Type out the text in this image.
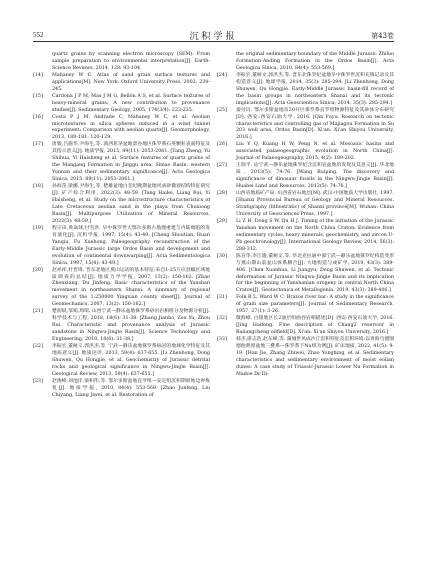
552	沉积学报	第43卷

quartz grains by scanning electron microscopy (SEM): From sample preparation to environmental interpretation[J]. Earth-Science Reviews, 2014, 128: 93-104.

[14] Mahaney W C. Atlas of sand grain surface textures and applications[M]. New York: Oxford University Press, 2002: 230-245.

[15] Cardona J P M, Mas J M G, Bellón A S, et al. Surface textures of heavy-mineral grains: A new contribution to provenance studies[J]. Sedimentary Geology, 2005, 174(3/4): 223-235.

[16] Costa P J M, Andrade C, Mahaney W C, et al. Aeolian microtextures in silica spheres induced in a wind tunnel experiment: Comparison with aeolian quartz[J]. Geomorphology, 2013, 180-181: 120-129.

[17] 唐毅,吕施华,尹海生,等. 滇西思茅盆地景谷地区侏罗系石英颗粒表面特征及其指示意义[J]. 地质学报, 2015, 89(11): 2053-2061. [Tang Zheng, Yu Shihua, Yi Haisheng et al. Surface features of quartz grains of the Mangang Formation in Jinggu area, Simao Basin, western Yunnan and their sedimentary significance[J]. Acta Geologica Sinica, 2015, 89(11): 2053-2061.]

[18] 孙海苗,梁娜,尹海生,等. 楚雄盆地白垩纪晚期盆地风成砂微观结构特征研究[J]. 矿产综合利用, 2022(3): 48-59. [Tang Hailei, Liang Rui, Yi Haisheng, et al. Study on the microstructure characteristics of Late Cretaceous aeolian sand in the playa from Chuxiong Basin[J]. Multipurpose Utilization of Mineral Resources, 2022(3): 48-59.]

[19] 程守田,黄焱球,付雪洪. 早中侏罗世大鄂尔多斯古地理重建与内陆坳陷的发育演化[J]. 沉积学报, 1997, 15(4): 43-49. [Cheng Shoutian, Huan Yanqiu, Fu Xuehong. Paleogeography reconstruction of the Early-Middle Jurassic large Ordos Basin and development and evolution of continental downwarping[J]. Acta Sedimentologica Sinica, 1997, 15(4): 43-49.]

[20] 赵祥祥,杜晋锋. 晋东北地区燕山运动的基本特征:来自1:25万应县幅区域地质调查的总结[J]. 地质力学学报, 2007, 13(2): 150-162. [Zhao Zhenxiang, Du Jinfeng. Basic characteristics of the Yanshan movement in northeastern Shanxi: A summary of regional survey of the 1:250000 Yingxian county sheet[J]. Journal of Geomechanics, 2007, 13(2): 150-162.]

[21] 楚润斌,邹娟,周瑞. 山西宁武—静乐盆地侏罗系砂岩岩相组分及物源分析[J]. 科学技术与工程, 2018, 18(6): 31-38. [Zhang Jianbo, Zou Yu, Zhou Rui. Characteristic and provenance analysis of Jurassic sandstone in Ningwu-Jingle Basin[J]. Science Technology and Engineering, 2018, 18(6): 31-38.]

[22] 李振宏,董树义,郭洪杰,等. 宁武—静乐盆地侏罗系砾岩的地球化学特征及其地质意义[J]. 地质论评, 2013, 59(4): 637-655. [Li Zhenhong, Dong Shuwen, Qu Hongjie, et al. Geochemistry of Jurassic detrital rocks and geological significance in Ningwu-Jingle Basin[J]. Geological Review, 2013, 59(4): 637-655.]

[23] 赵俊峰,刘池洋,梁积伟,等. 鄂尔多斯盆地直罗组—安定组沉积期原始边界恢复[J]. 地质学报, 2010, 84(4): 553-569. [Zhao Junfeng, Liu Chiyang, Liang Jiwei, et al. Restoration of

the original sedimentary boundary of the Middle Jurassic Zhiluo Formation-Anding Formation in the Ordos Basin[J]. Acta Geologica Sinica, 2010, 84(4): 553-569.]

[24] 李振宏,董树文,郭洪杰,等. 晋东北侏罗纪盆地早中侏罗世沉积充填记录及其构造意义[J]. 地球学报, 2014, 35(3): 285-294. [Li Zhenhong, Dong Shuwen, Qu Hongjie. Early-Middle Jurassic basin-fill record of the basin groups in northeastern Shanxi and its tectonic implications[J]. Acta Geoscientica Sinica, 2014, 35(3): 285-294.]

[25] 秦付玲. 鄂尔多斯盆地奈20井区侏罗系直罗组物源特征及其砂体分布研究[D]. 西安:西安石油大学, 2016. [Qin Fuyu. Research on tectonic characteristics and controlling gas of Majiagou Formation in Su 203 well area, Ordos Basin[D]. Xi'an: Xi'an Shiyou University, 2016.]

[26] Liu Y Q, Kuang H W, Peng N, et al. Mesozoic basins and associated palaeogeographic evolution in North China[J]. Journal of Palaeogeography, 2015, 4(2): 189-202.

[27] 王瑞平. 论宁武—静乐盆地侏罗纪含沉积岩盆地的发现及其意义[J]. 华北地质, 2013(5): 74-76. [Wang Ruiping. The discovery and significance of dinosaur fossils in the Ningwu-Jingle Basin[J]. Huabei Land and Resources, 2013(5): 74-76.]

[28] 山西省地质矿产局. 山西省岩石地层[M]. 武汉:中国地质大学出版社, 1997. [Shanxi Provincial Bureau of Geology and Mineral Resources. Stratigraphy (lithostratic) of Shanxi province[M]. Wuhan: China University of Geosciences Press, 1997.]

[29] Li Z H, Dong S W, Qu H J. Timing of the initiation of the Jurassic Yanshan movement on the North China Craton: Evidence from sedimentary cycles, heavy minerals, geochemistry, and zircon U-Pb geochronology[J]. International Geology Review, 2014, 56(3): 288-312.

[30] 陈宣华,李江瑜,董树文,等. 华北克拉通中部宁武—静乐盆地侏罗纪构造变形与燕山期山前盆山体系耦合[J]. 大地构造与成矿学, 2019, 43(3): 389-406. [Chen Xuanhua, Li Jiangyu, Dong Shuwen, et al. Tectonic deformation of Jurassic Ningwu-Jingle Basin and its implication for the beginning of Yanshanian orogeny in central North China Craton[J]. Geotectonica et Metallogenia, 2019, 43(3): 389-406.]

[31] Folk R L, Ward W C. Brazos river bar: A study in the significance of grain size parameters[J]. Journal of Sedimentary Research, 1957, 27(1): 3-26.

[32] 敬海峰. 白银地区长2油层组曲谷岩相描述[D]. 西安:西安石油大学, 2016. [Jing Haifeng. Fine description of Chang2 reservoir in Baiiangcheng oilfield[D]. Xi'an: Xi'an Shiyou University, 2016.]

[33] 韩杰,席志浩,赵东峰,等. 蒲城世风成沙丘沉积特征及沉积环境:以青海乌德图德他典原盆地三叠系—侏罗系下Nu组为例[J]. 矿床地质, 2022, 41(5): 9-19. [Han Jie, Zhang Zhiwei, Zhao Yonghing, et al. Sedimentary characteristics and sedimentary environment of moist eolian dunes: A case study of Triassic-Jurassic Lower Nu Formation in Madoe Dr Di-
